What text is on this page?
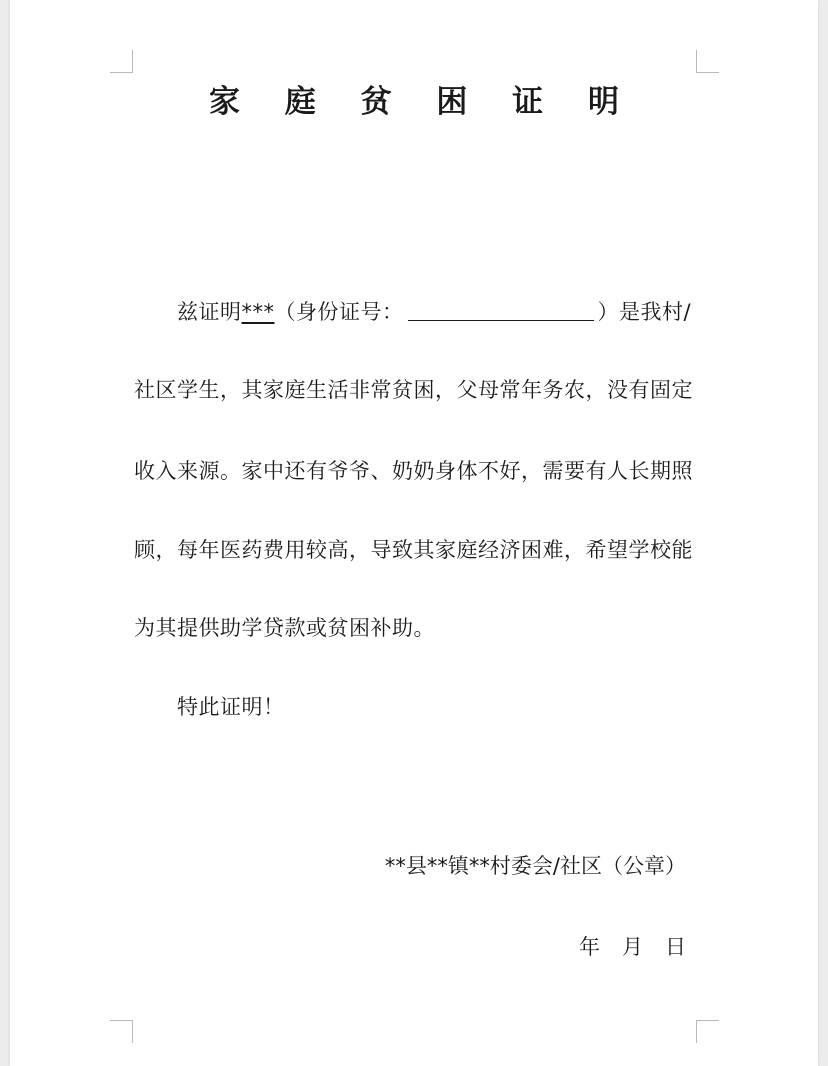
家 庭 贫 困 证 明
兹证明***（身份证号：	）是我村/
社区学生，其家庭生活非常贫困，父母常年务农，没有固定
收入来源。家中还有爷爷、奶奶身体不好，需要有人长期照
顾，每年医药费用较高，导致其家庭经济困难，希望学校能
为其提供助学贷款或贫困补助。
特此证明！
**县**镇**村委会/社区（公章）
年 月 日
